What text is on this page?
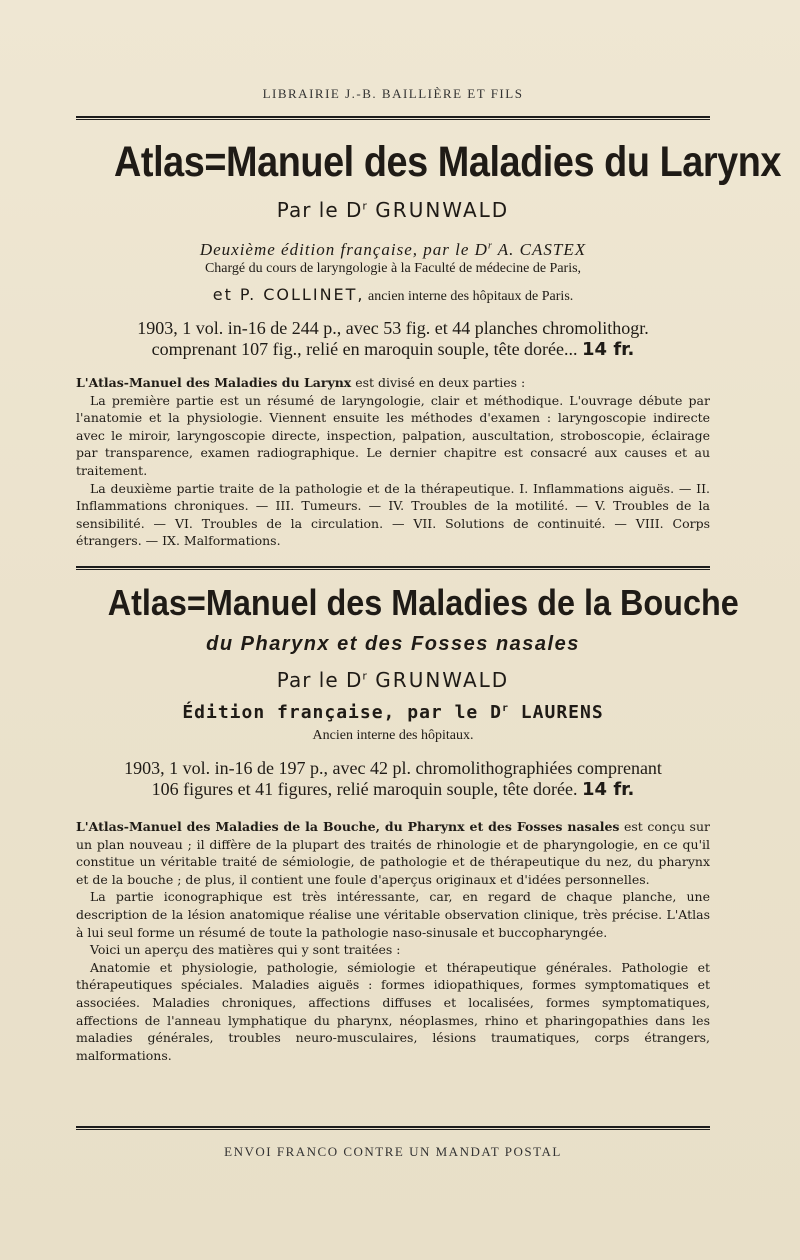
LIBRAIRIE J.-B. BAILLIÈRE ET FILS
Atlas=Manuel des Maladies du Larynx
Par le $D^r$ GRUNWALD
Deuxième édition française, par le $D^r$ A. CASTEX
Chargé du cours de laryngologie à la Faculté de médecine de Paris,
et P. COLLINET, ancien interne des hôpitaux de Paris.
1903, 1 vol. in-16 de 244 p., avec 53 fig. et 44 planches chromolithogr.
comprenant 107 fig., relié en maroquin souple, tête dorée... 14 fr.

L'Atlas-Manuel des Maladies du Larynx est divisé en deux parties :

La première partie est un résumé de laryngologie, clair et méthodique. L'ouvrage débute par l'anatomie et la physiologie. Viennent ensuite les méthodes d'examen : laryngoscopie indirecte avec le miroir, laryngoscopie directe, inspection, palpation, auscultation, stroboscopie, éclairage par transparence, examen radiographique. Le dernier chapitre est consacré aux causes et au traitement.

La deuxième partie traite de la pathologie et de la thérapeutique. I. Inflammations aiguës. — II. Inflammations chroniques. — III. Tumeurs. — IV. Troubles de la motilité. — V. Troubles de la sensibilité. — VI. Troubles de la circulation. — VII. Solutions de continuité. — VIII. Corps étrangers. — IX. Malformations.

Atlas=Manuel des Maladies de la Bouche
du Pharynx et des Fosses nasales
Par le $D^r$ GRUNWALD
Édition française, par le $D^r$ LAURENS
Ancien interne des hôpitaux.
1903, 1 vol. in-16 de 197 p., avec 42 pl. chromolithographiées comprenant
106 figures et 41 figures, relié maroquin souple, tête dorée. 14 fr.

L'Atlas-Manuel des Maladies de la Bouche, du Pharynx et des Fosses nasales est conçu sur un plan nouveau ; il diffère de la plupart des traités de rhinologie et de pharyngologie, en ce qu'il constitue un véritable traité de sémiologie, de pathologie et de thérapeutique du nez, du pharynx et de la bouche ; de plus, il contient une foule d'aperçus originaux et d'idées personnelles.

La partie iconographique est très intéressante, car, en regard de chaque planche, une description de la lésion anatomique réalise une véritable observation clinique, très précise. L'Atlas à lui seul forme un résumé de toute la pathologie naso-sinusale et buccopharyngée.

Voici un aperçu des matières qui y sont traitées :

Anatomie et physiologie, pathologie, sémiologie et thérapeutique générales. Pathologie et thérapeutiques spéciales. Maladies aiguës : formes idiopathiques, formes symptomatiques et associées. Maladies chroniques, affections diffuses et localisées, formes symptomatiques, affections de l'anneau lymphatique du pharynx, néoplasmes, rhino et pharingopathies dans les maladies générales, troubles neuro-musculaires, lésions traumatiques, corps étrangers, malformations.

ENVOI FRANCO CONTRE UN MANDAT POSTAL
